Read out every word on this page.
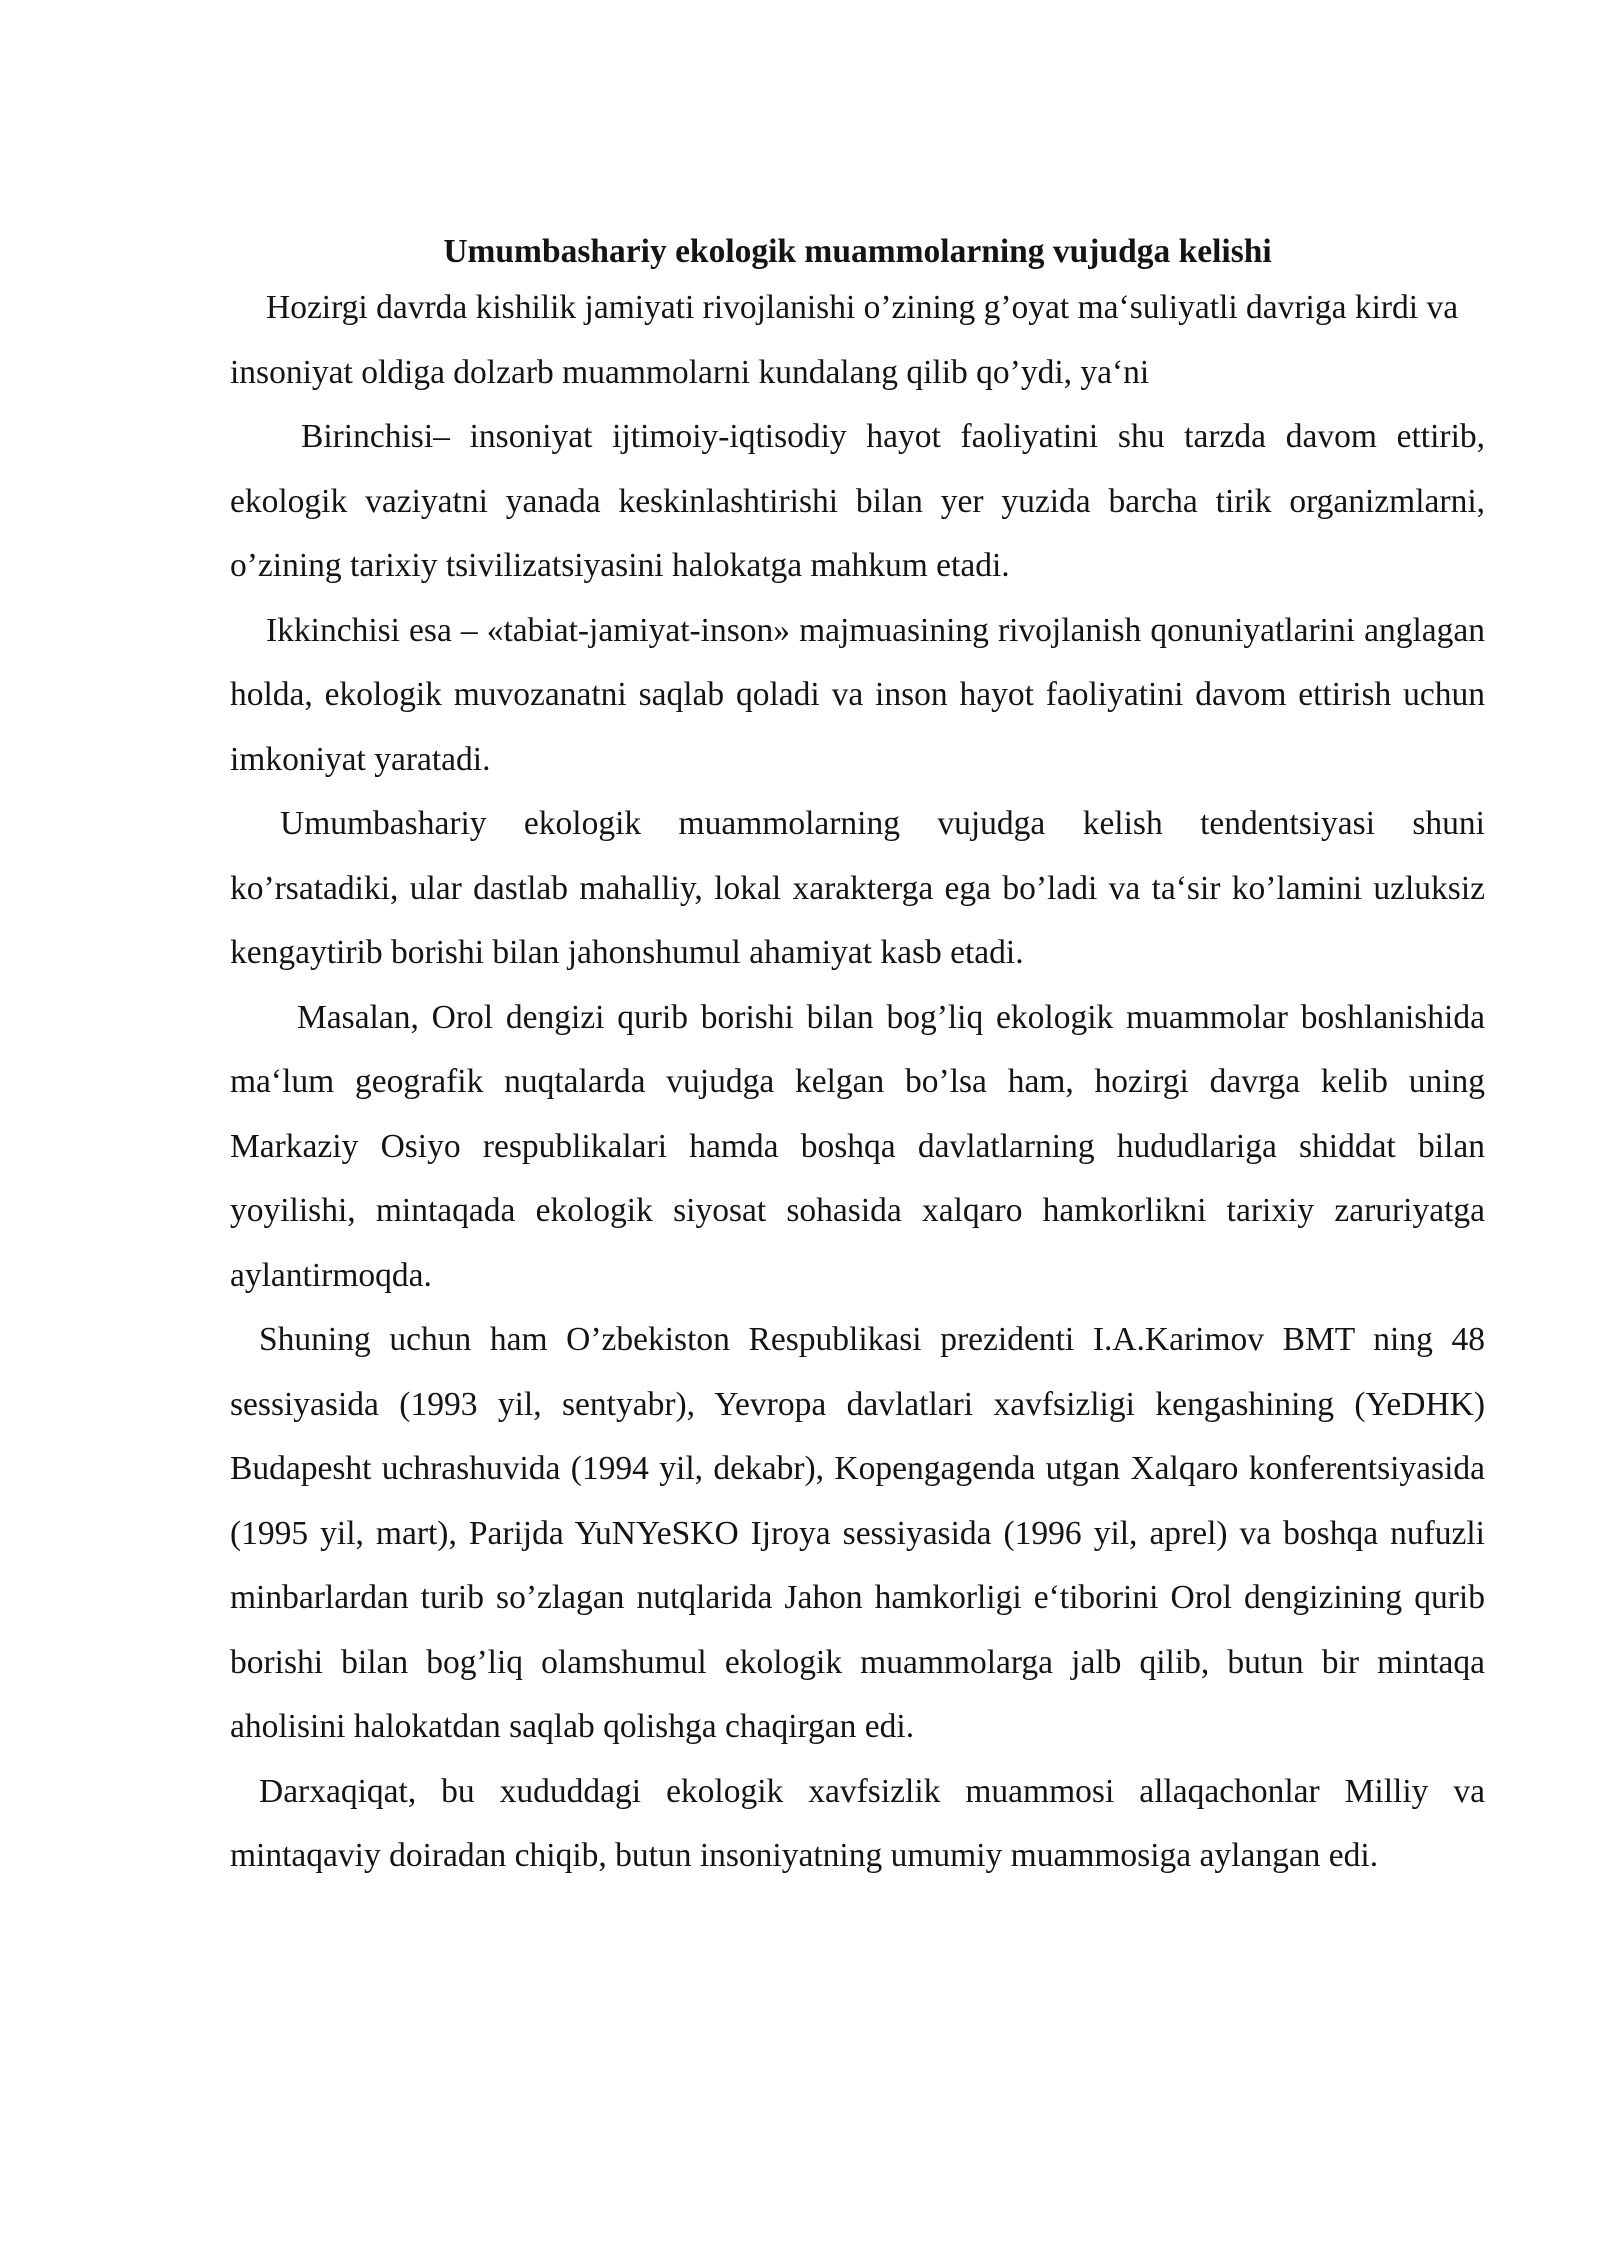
Umumbashariy ekologik muammolarning vujudga kelishi

Hozirgi davrda kishilik jamiyati rivojlanishi o’zining g’oyat ma‘suliyatli davriga kirdi va insoniyat oldiga dolzarb muammolarni kundalang qilib qo’ydi, ya‘ni

Birinchisi– insoniyat ijtimoiy-iqtisodiy hayot faoliyatini shu tarzda davom ettirib, ekologik vaziyatni yanada keskinlashtirishi bilan yer yuzida barcha tirik organizmlarni, o’zining tarixiy tsivilizatsiyasini halokatga mahkum etadi.

Ikkinchisi esa – «tabiat-jamiyat-inson» majmuasining rivojlanish qonuniyatlarini anglagan holda, ekologik muvozanatni saqlab qoladi va inson hayot faoliyatini davom ettirish uchun imkoniyat yaratadi.

Umumbashariy ekologik muammolarning vujudga kelish tendentsiyasi shuni ko’rsatadiki, ular dastlab mahalliy, lokal xarakterga ega bo’ladi va ta‘sir ko’lamini uzluksiz kengaytirib borishi bilan jahonshumul ahamiyat kasb etadi.

Masalan, Orol dengizi qurib borishi bilan bog’liq ekologik muammolar boshlanishida ma‘lum geografik nuqtalarda vujudga kelgan bo’lsa ham, hozirgi davrga kelib uning Markaziy Osiyo respublikalari hamda boshqa davlatlarning hududlariga shiddat bilan yoyilishi, mintaqada ekologik siyosat sohasida xalqaro hamkorlikni tarixiy zaruriyatga aylantirmoqda.

Shuning uchun ham O’zbekiston Respublikasi prezidenti I.A.Karimov BMT ning 48 sessiyasida (1993 yil, sentyabr), Yevropa davlatlari xavfsizligi kengashining (YeDHK) Budapesht uchrashuvida (1994 yil, dekabr), Kopengagenda utgan Xalqaro konferentsiyasida (1995 yil, mart), Parijda YuNYeSKO Ijroya sessiyasida (1996 yil, aprel) va boshqa nufuzli minbarlardan turib so’zlagan nutqlarida Jahon hamkorligi e‘tiborini Orol dengizining qurib borishi bilan bog’liq olamshumul ekologik muammolarga jalb qilib, butun bir mintaqa aholisini halokatdan saqlab qolishga chaqirgan edi.

Darxaqiqat, bu xududdagi ekologik xavfsizlik muammosi allaqachonlar Milliy va mintaqaviy doiradan chiqib, butun insoniyatning umumiy muammosiga aylangan edi.
